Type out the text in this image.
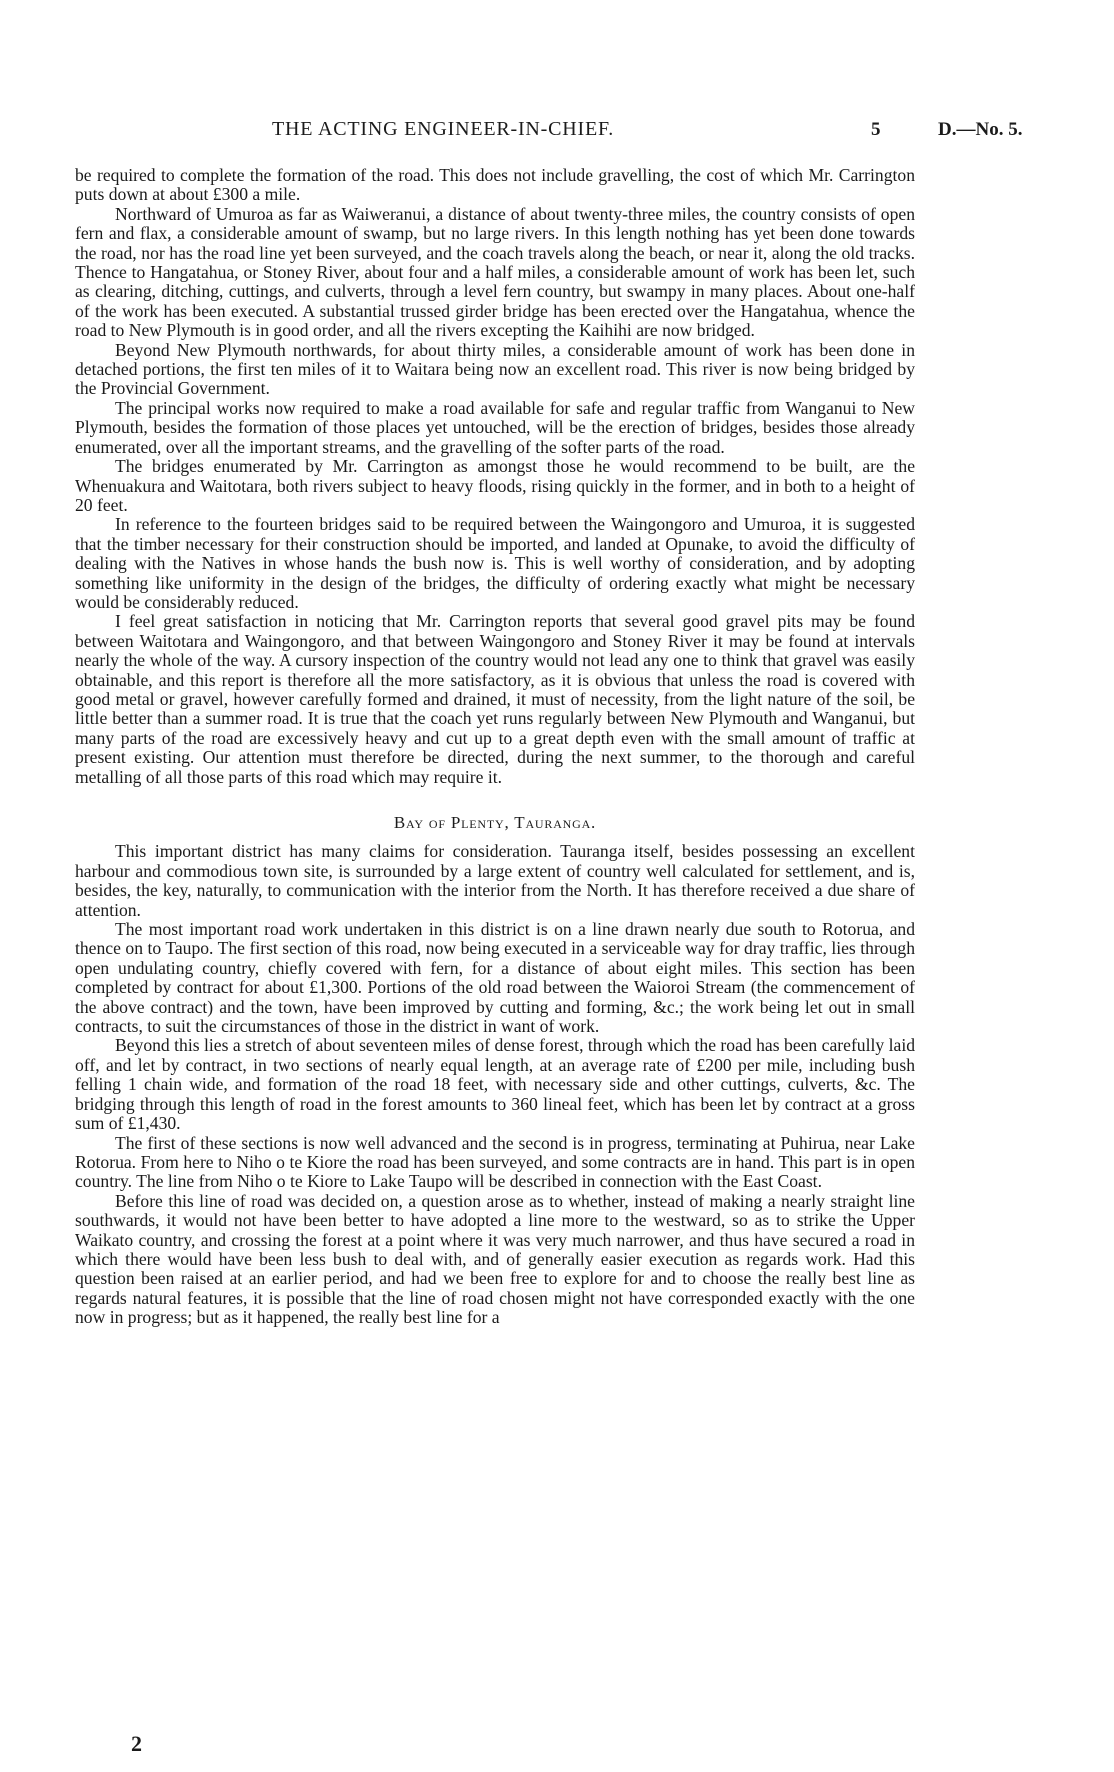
THE ACTING ENGINEER-IN-CHIEF.	5	D.—No. 5.

be required to complete the formation of the road. This does not include gravelling, the cost of which Mr. Carrington puts down at about £300 a mile.

Northward of Umuroa as far as Waiweranui, a distance of about twenty-three miles, the country consists of open fern and flax, a considerable amount of swamp, but no large rivers. In this length nothing has yet been done towards the road, nor has the road line yet been surveyed, and the coach travels along the beach, or near it, along the old tracks. Thence to Hangatahua, or Stoney River, about four and a half miles, a considerable amount of work has been let, such as clearing, ditching, cuttings, and culverts, through a level fern country, but swampy in many places. About one-half of the work has been executed. A substantial trussed girder bridge has been erected over the Hangatahua, whence the road to New Plymouth is in good order, and all the rivers excepting the Kaihihi are now bridged.

Beyond New Plymouth northwards, for about thirty miles, a considerable amount of work has been done in detached portions, the first ten miles of it to Waitara being now an excellent road. This river is now being bridged by the Provincial Government.

The principal works now required to make a road available for safe and regular traffic from Wanganui to New Plymouth, besides the formation of those places yet untouched, will be the erection of bridges, besides those already enumerated, over all the important streams, and the gravelling of the softer parts of the road.

The bridges enumerated by Mr. Carrington as amongst those he would recommend to be built, are the Whenuakura and Waitotara, both rivers subject to heavy floods, rising quickly in the former, and in both to a height of 20 feet.

In reference to the fourteen bridges said to be required between the Waingongoro and Umuroa, it is suggested that the timber necessary for their construction should be imported, and landed at Opunake, to avoid the difficulty of dealing with the Natives in whose hands the bush now is. This is well worthy of consideration, and by adopting something like uniformity in the design of the bridges, the difficulty of ordering exactly what might be necessary would be considerably reduced.

I feel great satisfaction in noticing that Mr. Carrington reports that several good gravel pits may be found between Waitotara and Waingongoro, and that between Waingongoro and Stoney River it may be found at intervals nearly the whole of the way. A cursory inspection of the country would not lead any one to think that gravel was easily obtainable, and this report is therefore all the more satisfactory, as it is obvious that unless the road is covered with good metal or gravel, however carefully formed and drained, it must of necessity, from the light nature of the soil, be little better than a summer road. It is true that the coach yet runs regularly between New Plymouth and Wanganui, but many parts of the road are excessively heavy and cut up to a great depth even with the small amount of traffic at present existing. Our attention must therefore be directed, during the next summer, to the thorough and careful metalling of all those parts of this road which may require it.

Bay of Plenty, Tauranga.

This important district has many claims for consideration. Tauranga itself, besides possessing an excellent harbour and commodious town site, is surrounded by a large extent of country well calculated for settlement, and is, besides, the key, naturally, to communication with the interior from the North. It has therefore received a due share of attention.

The most important road work undertaken in this district is on a line drawn nearly due south to Rotorua, and thence on to Taupo. The first section of this road, now being executed in a serviceable way for dray traffic, lies through open undulating country, chiefly covered with fern, for a distance of about eight miles. This section has been completed by contract for about £1,300. Portions of the old road between the Waioroi Stream (the commencement of the above contract) and the town, have been improved by cutting and forming, &c.; the work being let out in small contracts, to suit the circumstances of those in the district in want of work.

Beyond this lies a stretch of about seventeen miles of dense forest, through which the road has been carefully laid off, and let by contract, in two sections of nearly equal length, at an average rate of £200 per mile, including bush felling 1 chain wide, and formation of the road 18 feet, with necessary side and other cuttings, culverts, &c. The bridging through this length of road in the forest amounts to 360 lineal feet, which has been let by contract at a gross sum of £1,430.

The first of these sections is now well advanced and the second is in progress, terminating at Puhirua, near Lake Rotorua. From here to Niho o te Kiore the road has been surveyed, and some contracts are in hand. This part is in open country. The line from Niho o te Kiore to Lake Taupo will be described in connection with the East Coast.

Before this line of road was decided on, a question arose as to whether, instead of making a nearly straight line southwards, it would not have been better to have adopted a line more to the westward, so as to strike the Upper Waikato country, and crossing the forest at a point where it was very much narrower, and thus have secured a road in which there would have been less bush to deal with, and of generally easier execution as regards work. Had this question been raised at an earlier period, and had we been free to explore for and to choose the really best line as regards natural features, it is possible that the line of road chosen might not have corresponded exactly with the one now in progress; but as it happened, the really best line for a

2
